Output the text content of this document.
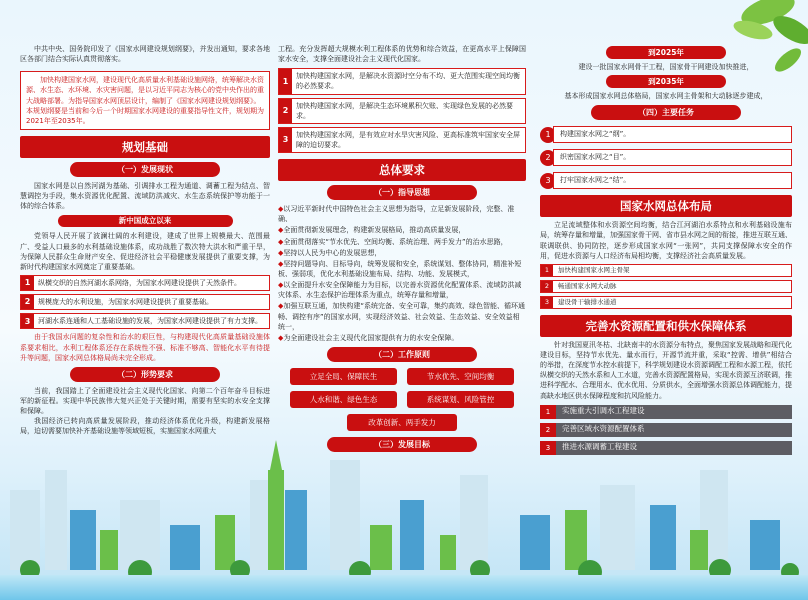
中共中央、国务院印发了《国家水网建设规划纲要》，并发出通知，要求各地区各部门结合实际认真贯彻落实。

加快构建国家水网，建设现代化高质量水利基础设施网络，统筹解决水资源、水生态、水环境、水灾害问题，是以习近平同志为核心的党中央作出的重大战略部署。为指导国家水网顶层设计，编制了《国家水网建设规划纲要》。本规划纲要是当前和今后一个时期国家水网建设的重要指导性文件，规划期为2021年至2035年。

规划基础
（一）发展现状

国家水网是以自然河湖为基础、引调排水工程为通道、调蓄工程为结点、智慧调控为手段，集水资源优化配置、流域防洪减灾、水生态系统保护等功能于一体的综合体系。

新中国成立以来

党领导人民开展了波澜壮阔的水利建设，建成了世界上规模最大、范围最广、受益人口最多的水利基础设施体系，成功战胜了数次特大洪水和严重干旱，为保障人民群众生命财产安全、促进经济社会平稳健康发展提供了重要支撑，为新时代构建国家水网奠定了重要基础。

1	纵横交织的自然河湖水系网络，为国家水网建设提供了天然条件。
2	规模庞大的水利设施，为国家水网建设提供了重要基础。
3	河湖水系连通和人工基础设施的发展，为国家水网建设提供了有力支撑。

由于我国水问题的复杂性和治水的艰巨性，与构建现代化高质量基础设施体系要求相比，水利工程体系还存在系统性不强、标准不够高、智能化水平有待提升等问题，国家水网总体格局尚未完全形成。

（二）形势要求

当前，我国踏上了全面建设社会主义现代化国家、向第二个百年奋斗目标进军的新征程。实现中华民族伟大复兴正处于关键时期，需要有坚实的水安全支撑和保障。

我国经济已转向高质量发展阶段，推动经济体系优化升级，构建新发展格局，迫切需要加快补齐基础设施等领域短板，实施国家水网重大

工程。充分发挥超大规模水利工程体系的优势和综合效益，在更高水平上保障国家水安全，支撑全面建设社会主义现代化国家。

1
加快构建国家水网，是解决水资源时空分布不均、更大范围实现空间均衡的必然要求。
2
加快构建国家水网，是解决生态环境累积欠账、实现绿色发展的必然要求。
3
加快构建国家水网，是有效应对水旱灾害风险、更高标准筑牢国家安全屏障的迫切要求。
总体要求
（一）指导思想

◆以习近平新时代中国特色社会主义思想为指导，立足新发展阶段，完整、准确、

◆全面贯彻新发展理念，构建新发展格局，推动高质量发展，

◆全面贯彻落实“节水优先、空间均衡、系统治理、两手发力”的治水思路，

◆坚持以人民为中心的发展思想，

◆坚持问题导向、目标导向，统筹发展和安全，系统谋划、整体协同，精准补短板、强弱项，优化水利基础设施布局、结构、功能、发展模式，

◆以全面提升水安全保障能力为目标，以完善水资源优化配置体系、流域防洪减灾体系、水生态保护治理体系为重点，统筹存量和增量，

◆加强互联互通，加快构建“系统完备、安全可靠，集约高效、绿色智能、循环通畅、调控有序”的国家水网，实现经济效益、社会效益、生态效益、安全效益相统一，

◆为全面建设社会主义现代化国家提供有力的水安全保障。

（二）工作原则
立足全局、保障民生	节水优先、空间均衡
人水和谐、绿色生态	系统谋划、风险管控
改革创新、两手发力
（三）发展目标
到2025年

建设一批国家水网骨干工程，国家骨干网建设加快推进，

到2035年

基本形成国家水网总体格局，国家水网主骨架和大动脉逐步建成，

（四）主要任务
1	构建国家水网之“纲”。
2	织密国家水网之“目”。
3	打牢国家水网之“结”。
国家水网总体布局

立足流域整体和水资源空间均衡，结合江河湖泊水系特点和水利基础设施布局，统筹存量和增量，加强国家骨干网、省市县水网之间的衔接，推进互联互通、联调联供、协同防控，逐步形成国家水网“一张网”，共同支撑保障水安全的作用，促进水资源与人口经济布局相均衡，支撑经济社会高质量发展。

1	加快构建国家水网主骨架
2	畅通国家水网大动脉
3	建设骨干输排水通道
完善水资源配置和供水保障体系

针对我国夏汛冬枯、北缺南丰的水资源分布特点，聚焦国家发展战略和现代化建设目标，坚持节水优先、量水而行，开源节流并重，采取“控需、增供”相结合的举措，在深度节水控水前提下，科学规划建设水资源调配工程和水源工程，依托纵横交织的天然水系和人工水道，完善水资源配置格局，实现水资源互济联调，推进科学配水、合理用水、优水优用、分质供水，全面增强水资源总体调配能力，提高缺水地区供水保障程度和抗风险能力。

1	实施重大引调水工程建设
2	完善区域水资源配置体系
3	推进水源调蓄工程建设
